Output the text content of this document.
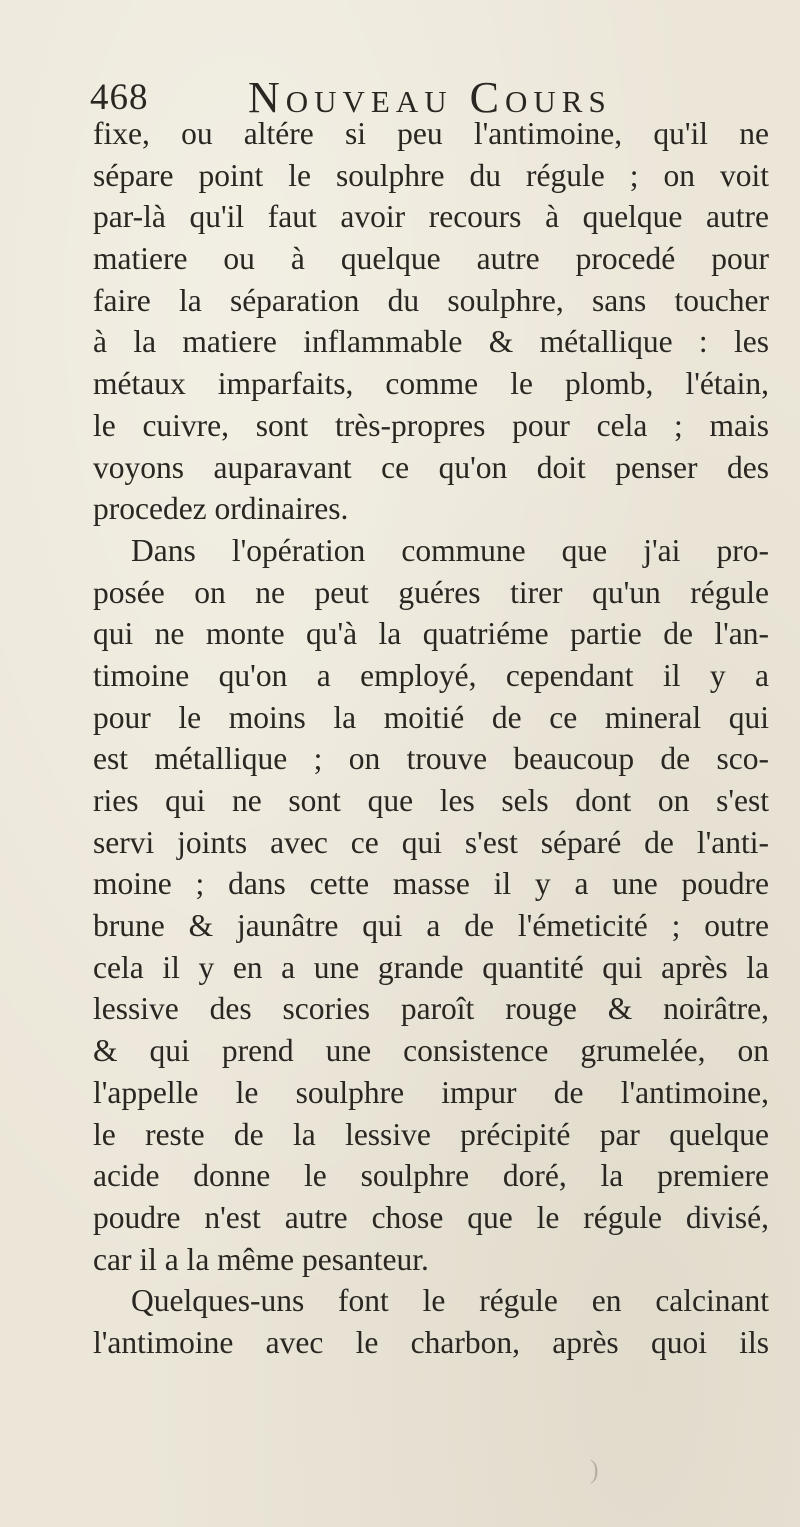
468 Nouveau Cours
fixe, ou altére si peu l'antimoine, qu'il ne
sépare point le soulphre du régule ; on voit
par-là qu'il faut avoir recours à quelque autre
matiere ou à quelque autre procedé pour
faire la séparation du soulphre, sans toucher
à la matiere inflammable & métallique : les
métaux imparfaits, comme le plomb, l'étain,
le cuivre, sont très-propres pour cela ; mais
voyons auparavant ce qu'on doit penser des
procedez ordinaires.
Dans l'opération commune que j'ai pro-
posée on ne peut guéres tirer qu'un régule
qui ne monte qu'à la quatriéme partie de l'an-
timoine qu'on a employé, cependant il y a
pour le moins la moitié de ce mineral qui
est métallique ; on trouve beaucoup de sco-
ries qui ne sont que les sels dont on s'est
servi joints avec ce qui s'est séparé de l'anti-
moine ; dans cette masse il y a une poudre
brune & jaunâtre qui a de l'émeticité ; outre
cela il y en a une grande quantité qui après la
lessive des scories paroît rouge & noirâtre,
& qui prend une consistence grumelée, on
l'appelle le soulphre impur de l'antimoine,
le reste de la lessive précipité par quelque
acide donne le soulphre doré, la premiere
poudre n'est autre chose que le régule divisé,
car il a la même pesanteur.
Quelques-uns font le régule en calcinant
l'antimoine avec le charbon, après quoi ils
)
